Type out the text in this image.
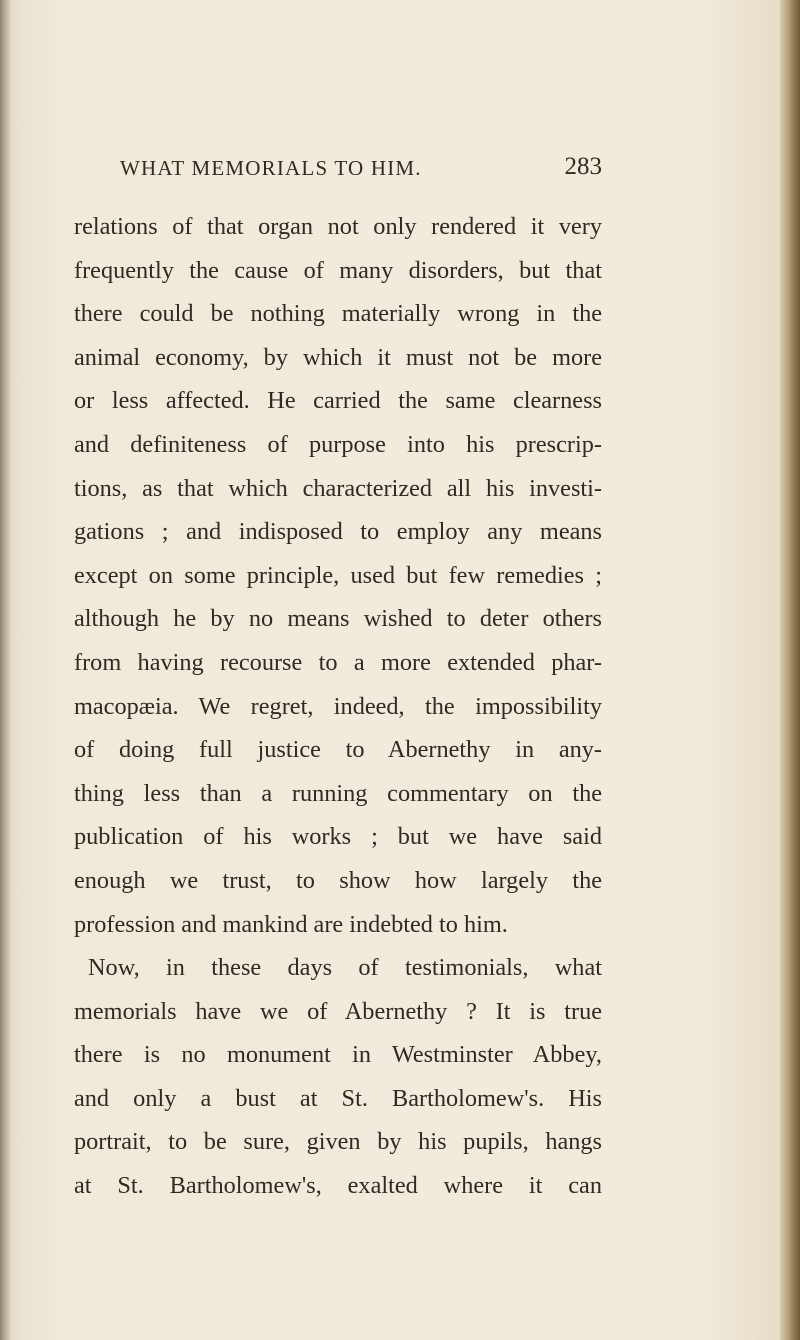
WHAT MEMORIALS TO HIM.	283
relations of that organ not only rendered it very
frequently the cause of many disorders, but that
there could be nothing materially wrong in the
animal economy, by which it must not be more
or less affected. He carried the same clearness
and definiteness of purpose into his prescrip-
tions, as that which characterized all his investi-
gations ; and indisposed to employ any means
except on some principle, used but few remedies ;
although he by no means wished to deter others
from having recourse to a more extended phar-
macopæia. We regret, indeed, the impossibility
of doing full justice to Abernethy in any-
thing less than a running commentary on the
publication of his works ; but we have said
enough we trust, to show how largely the
profession and mankind are indebted to him.
Now, in these days of testimonials, what
memorials have we of Abernethy ? It is true
there is no monument in Westminster Abbey,
and only a bust at St. Bartholomew's. His
portrait, to be sure, given by his pupils, hangs
at St. Bartholomew's, exalted where it can
